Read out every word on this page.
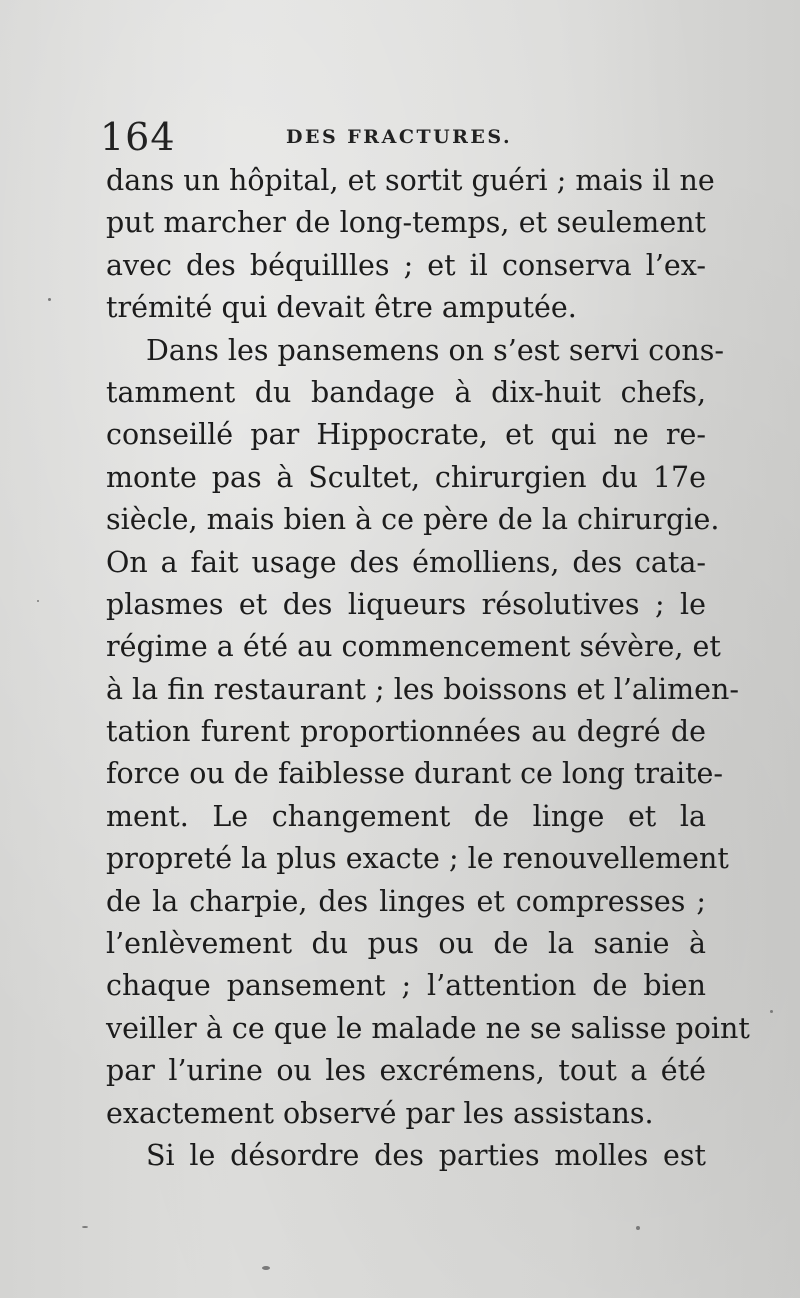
164	DES FRACTURES.
dans un hôpital, et sortit guéri ; mais il ne
put marcher de long-temps, et seulement
avec des béquillles ; et il conserva l’ex-
trémité qui devait être amputée.
Dans les pansemens on s’est servi cons-
tamment du bandage à dix-huit chefs,
conseillé par Hippocrate, et qui ne re-
monte pas à Scultet, chirurgien du 17e
siècle, mais bien à ce père de la chirurgie.
On a fait usage des émolliens, des cata-
plasmes et des liqueurs résolutives ; le
régime a été au commencement sévère, et
à la fin restaurant ; les boissons et l’alimen-
tation furent proportionnées au degré de
force ou de faiblesse durant ce long traite-
ment. Le changement de linge et la
propreté la plus exacte ; le renouvellement
de la charpie, des linges et compresses ;
l’enlèvement du pus ou de la sanie à
chaque pansement ; l’attention de bien
veiller à ce que le malade ne se salisse point
par l’urine ou les excrémens, tout a été
exactement observé par les assistans.
Si le désordre des parties molles est
